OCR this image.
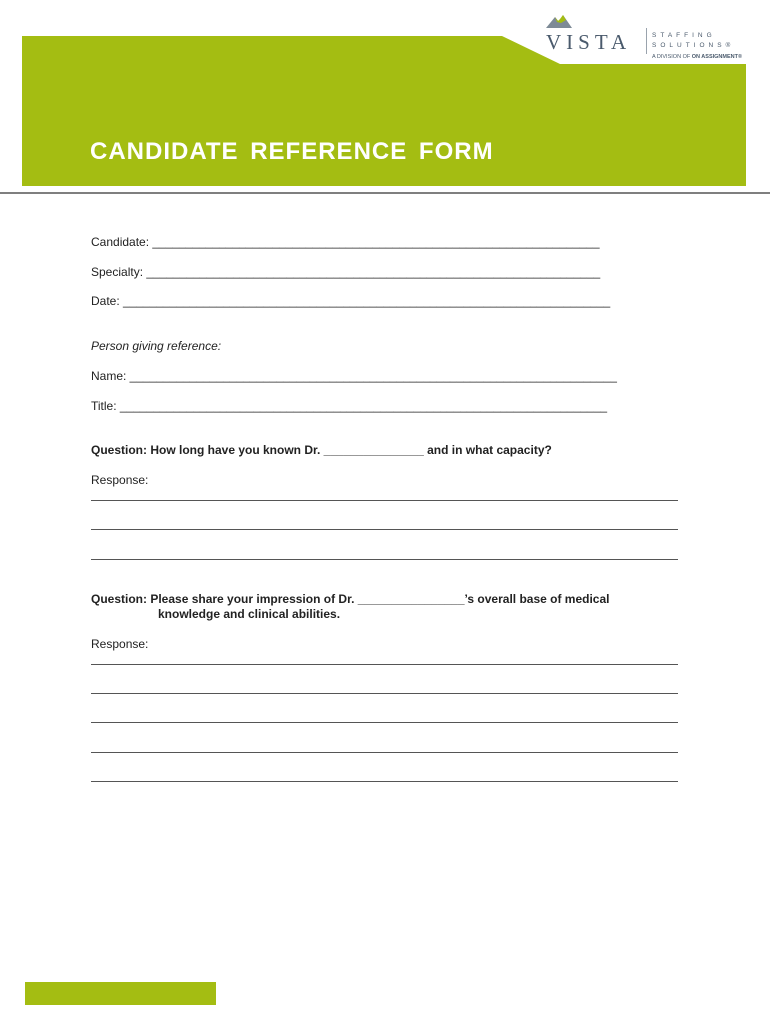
CANDIDATE REFERENCE FORM
VISTA	STAFFING
SOLUTIONS®
A DIVISION OF ON ASSIGNMENT®
Candidate: ___________________________________________________________________
Specialty: ____________________________________________________________________
Date: _________________________________________________________________________
Person giving reference:
Name: _________________________________________________________________________
Title: _________________________________________________________________________
Question: How long have you known Dr. _______________ and in what capacity?
Response:
Question: Please share your impression of Dr. ________________’s overall base of medical
knowledge and clinical abilities.
Response:
